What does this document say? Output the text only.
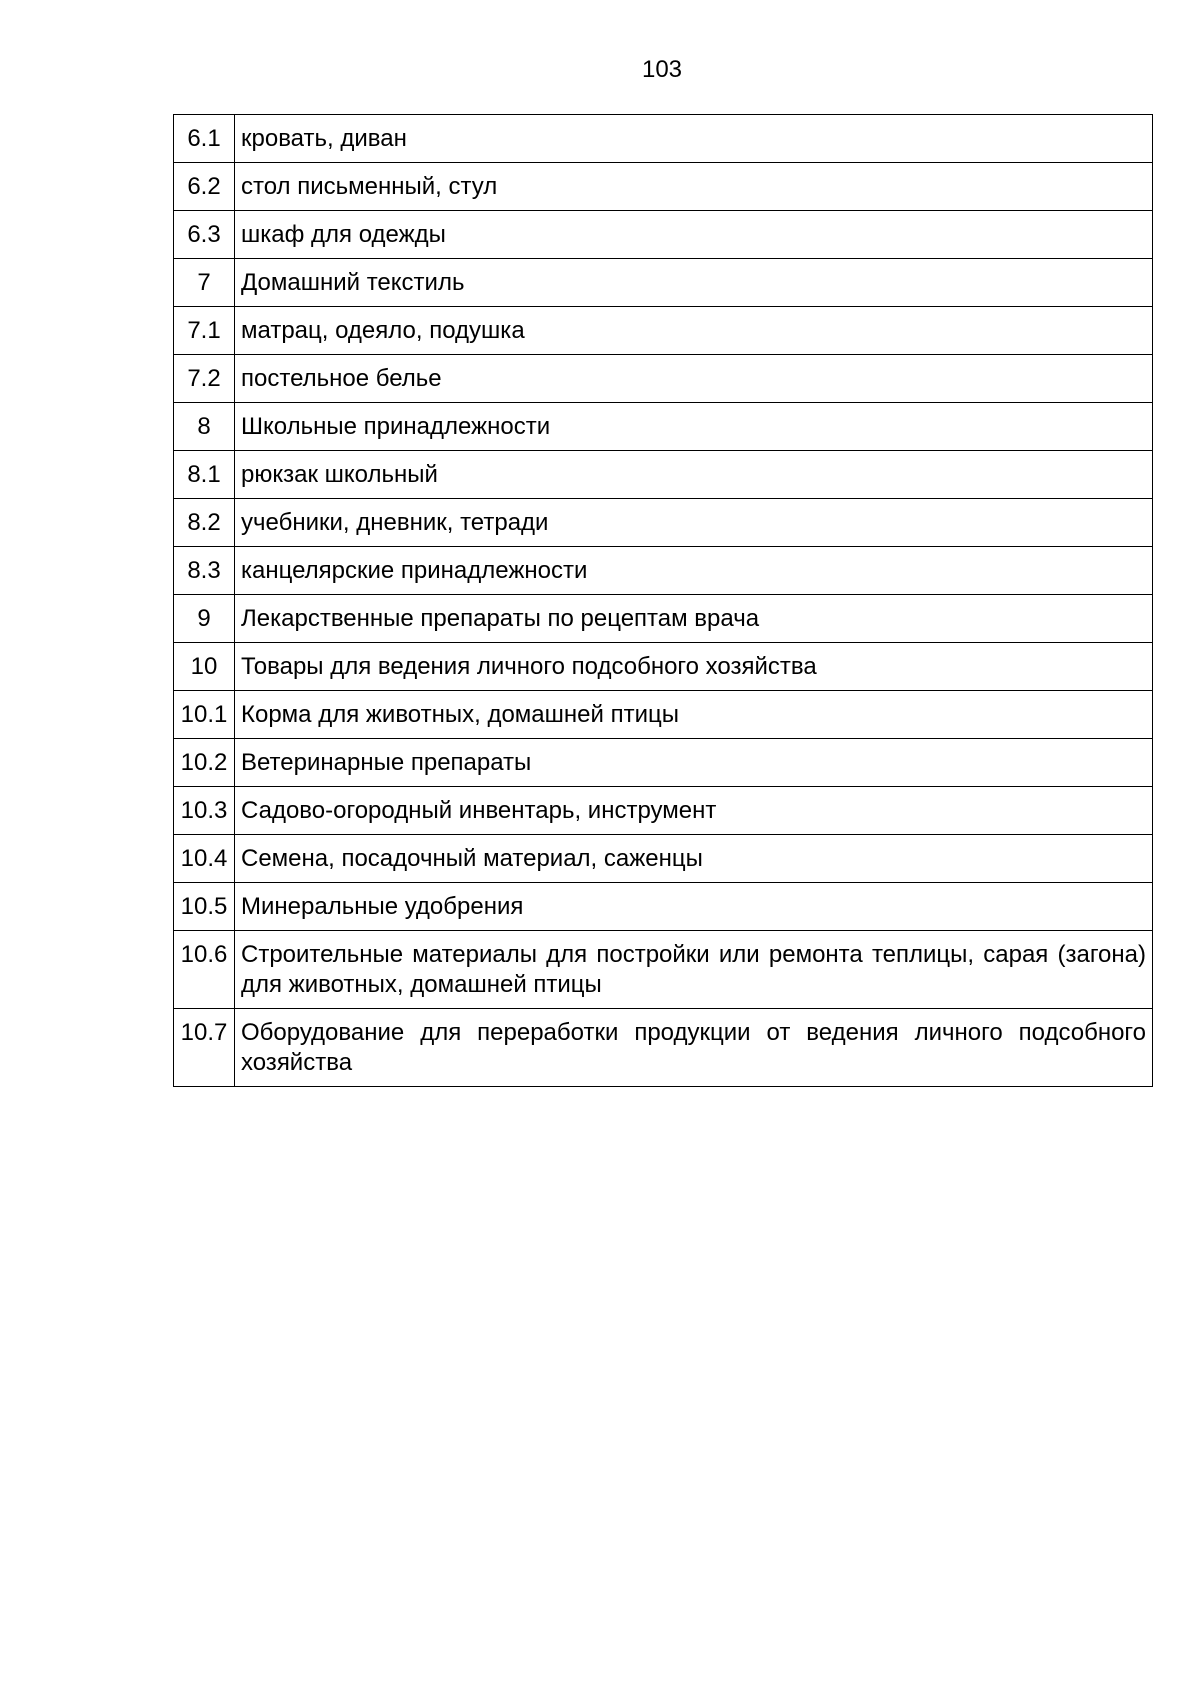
103
6.1	кровать, диван
6.2	стол письменный, стул
6.3	шкаф для одежды
7	Домашний текстиль
7.1	матрац, одеяло, подушка
7.2	постельное белье
8	Школьные принадлежности
8.1	рюкзак школьный
8.2	учебники, дневник, тетради
8.3	канцелярские принадлежности
9	Лекарственные препараты по рецептам врача
10	Товары для ведения личного подсобного хозяйства
10.1	Корма для животных, домашней птицы
10.2	Ветеринарные препараты
10.3	Садово-огородный инвентарь, инструмент
10.4	Семена, посадочный материал, саженцы
10.5	Минеральные удобрения
10.6	Строительные материалы для постройки или ремонта теплицы, сарая (загона) для животных, домашней птицы
10.7	Оборудование для переработки продукции от ведения личного подсобного хозяйства
